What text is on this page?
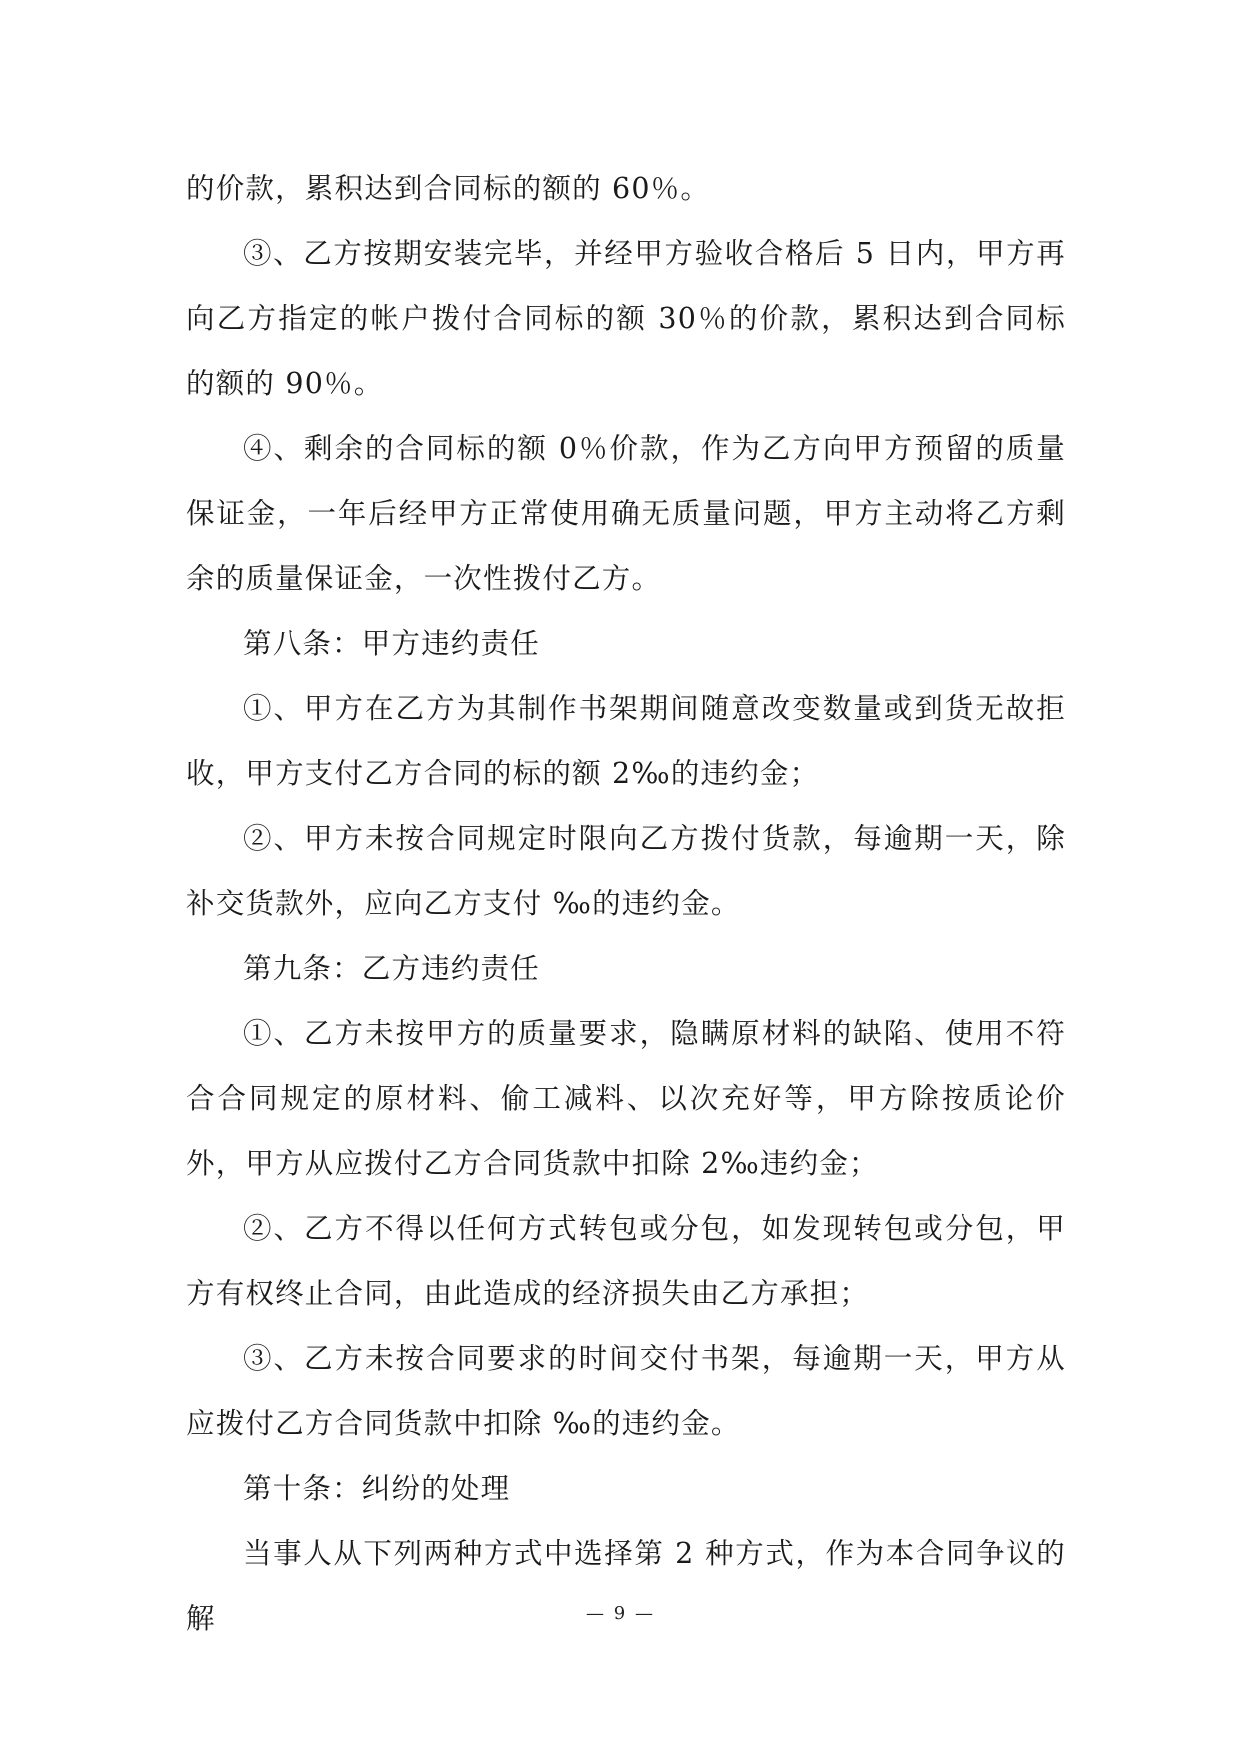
的价款，累积达到合同标的额的 60％。

③、乙方按期安装完毕，并经甲方验收合格后 5 日内，甲方再向乙方指定的帐户拨付合同标的额 30％的价款，累积达到合同标的额的 90％。

④、剩余的合同标的额 0％价款，作为乙方向甲方预留的质量保证金，一年后经甲方正常使用确无质量问题，甲方主动将乙方剩余的质量保证金，一次性拨付乙方。

第八条：甲方违约责任

①、甲方在乙方为其制作书架期间随意改变数量或到货无故拒收，甲方支付乙方合同的标的额 2‰的违约金；

②、甲方未按合同规定时限向乙方拨付货款，每逾期一天，除补交货款外，应向乙方支付 ‰的违约金。

第九条：乙方违约责任

①、乙方未按甲方的质量要求，隐瞒原材料的缺陷、使用不符合合同规定的原材料、偷工减料、以次充好等，甲方除按质论价外，甲方从应拨付乙方合同货款中扣除 2‰违约金；

②、乙方不得以任何方式转包或分包，如发现转包或分包，甲方有权终止合同，由此造成的经济损失由乙方承担；

③、乙方未按合同要求的时间交付书架，每逾期一天，甲方从应拨付乙方合同货款中扣除 ‰的违约金。

第十条：纠纷的处理

当事人从下列两种方式中选择第 2 种方式，作为本合同争议的解	— 9 —
